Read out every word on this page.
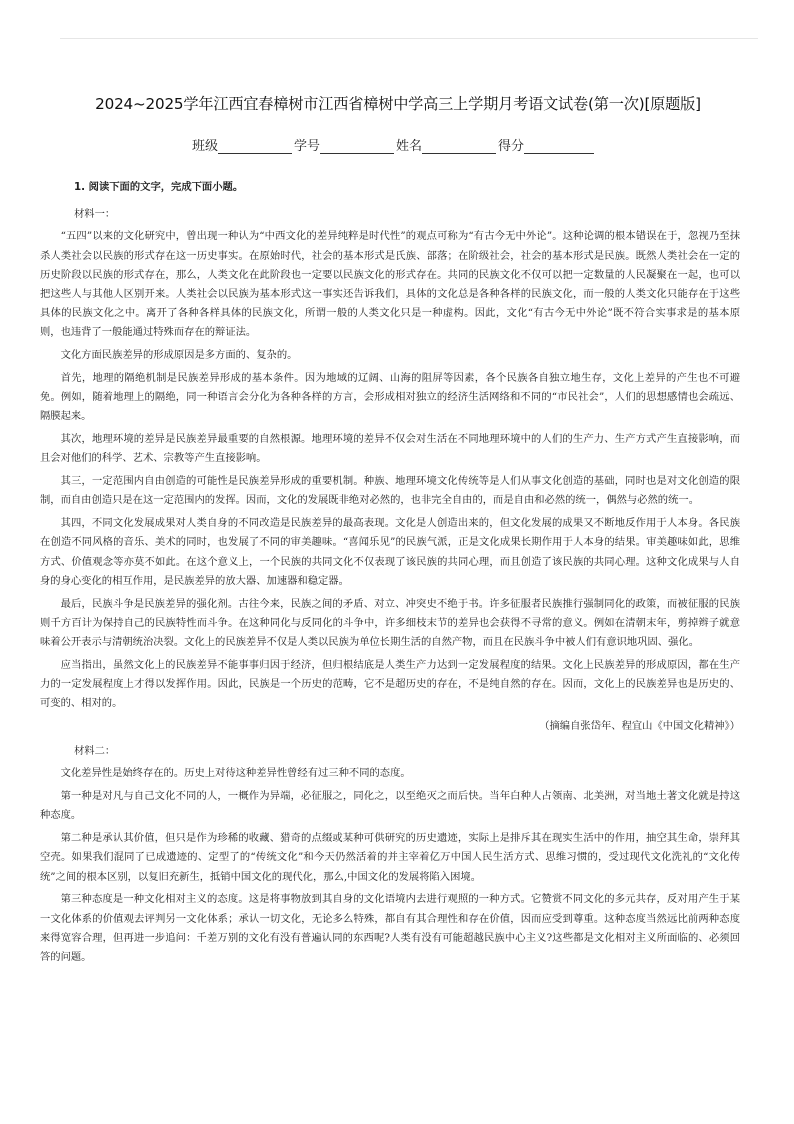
2024~2025学年江西宜春樟树市江西省樟树中学高三上学期月考语文试卷(第一次)[原题版]
班级	学号	姓名	得分
1. 阅读下面的文字，完成下面小题。
材料一：

“五四”以来的文化研究中，曾出现一种认为“中西文化的差异纯粹是时代性”的观点可称为“有古今无中外论”。这种论调的根本错误在于，忽视乃至抹杀人类社会以民族的形式存在这一历史事实。在原始时代，社会的基本形式是氏族、部落；在阶级社会，社会的基本形式是民族。既然人类社会在一定的历史阶段以民族的形式存在，那么，人类文化在此阶段也一定要以民族文化的形式存在。共同的民族文化不仅可以把一定数量的人民凝聚在一起，也可以把这些人与其他人区别开来。人类社会以民族为基本形式这一事实还告诉我们，具体的文化总是各种各样的民族文化，而一般的人类文化只能存在于这些具体的民族文化之中。离开了各种各样具体的民族文化，所谓一般的人类文化只是一种虚构。因此，文化“有古今无中外论”既不符合实事求是的基本原则，也违背了一般能通过特殊而存在的辩证法。

文化方面民族差异的形成原因是多方面的、复杂的。

首先，地理的隔绝机制是民族差异形成的基本条件。因为地域的辽阔、山海的阻屏等因素，各个民族各自独立地生存，文化上差异的产生也不可避免。例如，随着地理上的隔绝，同一种语言会分化为各种各样的方言，会形成相对独立的经济生活网络和不同的“市民社会”，人们的思想感情也会疏远、隔膜起来。

其次，地理环境的差异是民族差异最重要的自然根源。地理环境的差异不仅会对生活在不同地理环境中的人们的生产力、生产方式产生直接影响，而且会对他们的科学、艺术、宗教等产生直接影响。

其三，一定范围内自由创造的可能性是民族差异形成的重要机制。种族、地理环境文化传统等是人们从事文化创造的基础，同时也是对文化创造的限制，而自由创造只是在这一定范围内的发挥。因而，文化的发展既非绝对必然的，也非完全自由的，而是自由和必然的统一，偶然与必然的统一。

其四，不同文化发展成果对人类自身的不同改造是民族差异的最高表现。文化是人创造出来的，但文化发展的成果又不断地反作用于人本身。各民族在创造不同风格的音乐、美术的同时，也发展了不同的审美趣味。“喜闻乐见”的民族气派，正是文化成果长期作用于人本身的结果。审美趣味如此，思维方式、价值观念等亦莫不如此。在这个意义上，一个民族的共同文化不仅表现了该民族的共同心理，而且创造了该民族的共同心理。这种文化成果与人自身的身心变化的相互作用，是民族差异的放大器、加速器和稳定器。

最后，民族斗争是民族差异的强化剂。古往今来，民族之间的矛盾、对立、冲突史不绝于书。许多征服者民族推行强制同化的政策，而被征服的民族则千方百计为保持自己的民族特性而斗争。在这种同化与反同化的斗争中，许多细枝末节的差异也会获得不寻常的意义。例如在清朝末年，剪掉辫子就意味着公开表示与清朝统治决裂。文化上的民族差异不仅是人类以民族为单位长期生活的自然产物，而且在民族斗争中被人们有意识地巩固、强化。

应当指出，虽然文化上的民族差异不能事事归因于经济，但归根结底是人类生产力达到一定发展程度的结果。文化上民族差异的形成原因，都在生产力的一定发展程度上才得以发挥作用。因此，民族是一个历史的范畴，它不是超历史的存在，不是纯自然的存在。因而，文化上的民族差异也是历史的、可变的、相对的。

（摘编自张岱年、程宜山《中国文化精神》）
材料二：

文化差异性是始终存在的。历史上对待这种差异性曾经有过三种不同的态度。

第一种是对凡与自己文化不同的人，一概作为异端，必征服之，同化之，以至绝灭之而后快。当年白种人占领南、北美洲，对当地土著文化就是持这种态度。

第二种是承认其价值，但只是作为珍稀的收藏、猎奇的点缀或某种可供研究的历史遗迹，实际上是排斥其在现实生活中的作用，抽空其生命，崇拜其空壳。如果我们混同了已成遗迹的、定型了的“传统文化”和今天仍然活着的并主宰着亿万中国人民生活方式、思维习惯的，受过现代文化洗礼的“文化传统”之间的根本区别，以复旧充新生，抵销中国文化的现代化，那么,中国文化的发展将陷入困境。

第三种态度是一种文化相对主义的态度。这是将事物放到其自身的文化语境内去进行观照的一种方式。它赞赏不同文化的多元共存，反对用产生于某一文化体系的价值观去评判另一文化体系；承认一切文化，无论多么特殊，都自有其合理性和存在价值，因而应受到尊重。这种态度当然远比前两种态度来得宽容合理，但再进一步追问：千差万别的文化有没有普遍认同的东西呢?人类有没有可能超越民族中心主义?这些都是文化相对主义所面临的、必须回答的问题。
